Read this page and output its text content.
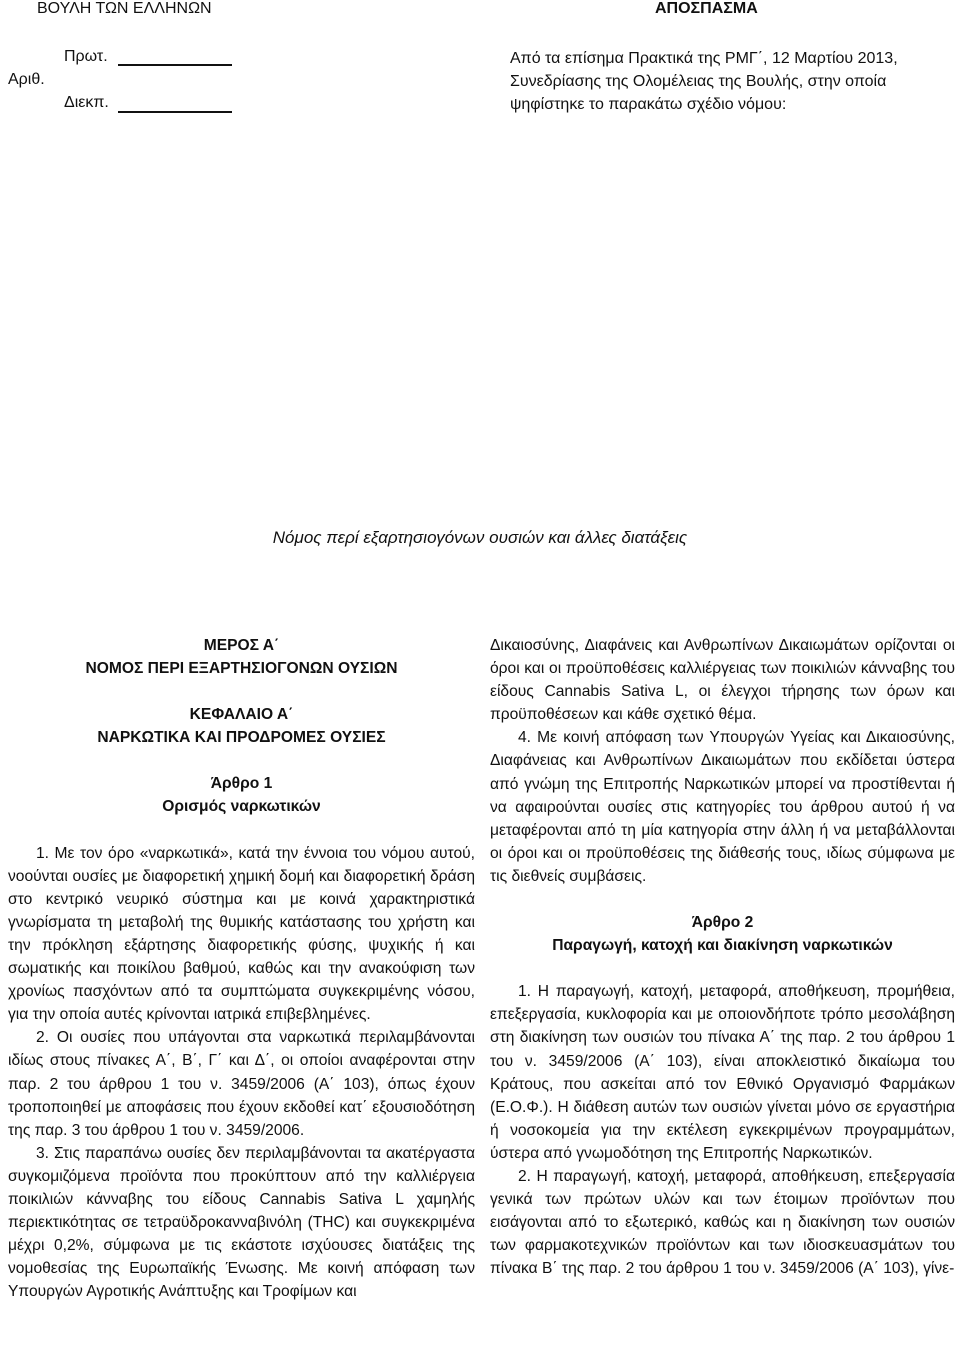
ΒΟΥΛΗ ΤΩΝ ΕΛΛΗΝΩΝ	ΑΠΟΣΠΑΣΜΑ
Πρωτ.
Αριθ.
Διεκπ.
Από τα επίσημα Πρακτικά της ΡΜΓ΄, 12 Μαρτίου 2013,
Συνεδρίασης της Ολομέλειας της Βουλής, στην οποία
ψηφίστηκε το παρακάτω σχέδιο νόμου:
Νόμος περί εξαρτησιογόνων ουσιών και άλλες διατάξεις
ΜΕΡΟΣ Α΄
ΝΟΜΟΣ ΠΕΡΙ ΕΞΑΡΤΗΣΙΟΓΟΝΩΝ ΟΥΣΙΩΝ
ΚΕΦΑΛΑΙΟ Α΄
ΝΑΡΚΩΤΙΚΑ ΚΑΙ ΠΡΟΔΡΟΜΕΣ ΟΥΣΙΕΣ
Άρθρο 1
Ορισμός ναρκωτικών

1. Με τον όρο «ναρκωτικά», κατά την έννοια του νόμου αυτού, νοούνται ουσίες με διαφορετική χημική δομή και διαφορετική δράση στο κεντρικό νευρικό σύστημα και με κοινά χαρακτηριστικά γνωρίσματα τη μεταβολή της θυμικής κατάστασης του χρήστη και την πρόκληση εξάρτησης διαφορετικής φύσης, ψυχικής ή και σωματικής και ποικίλου βαθμού, καθώς και την ανακούφιση των χρονίως πασχόντων από τα συμπτώματα συγκεκριμένης νόσου, για την οποία αυτές κρίνονται ιατρικά επιβεβλημένες.

2. Οι ουσίες που υπάγονται στα ναρκωτικά περιλαμβάνονται ιδίως στους πίνακες Α΄, Β΄, Γ΄ και Δ΄, οι οποίοι αναφέρονται στην παρ. 2 του άρθρου 1 του ν. 3459/2006 (Α΄ 103), όπως έχουν τροποποιηθεί με αποφάσεις που έχουν εκδοθεί κατ΄ εξουσιοδότηση της παρ. 3 του άρθρου 1 του ν. 3459/2006.

3. Στις παραπάνω ουσίες δεν περιλαμβάνονται τα ακατέργαστα συγκομιζόμενα προϊόντα που προκύπτουν από την καλλιέργεια ποικιλιών κάνναβης του είδους Cannabis Sativa L χαμηλής περιεκτικότητας σε τετραϋδροκανναβινόλη (THC) και συγκεκριμένα μέχρι 0,2%, σύμφωνα με τις εκάστοτε ισχύουσες διατάξεις της νομοθεσίας της Ευρωπαϊκής Ένωσης. Με κοινή απόφαση των Υπουργών Αγροτικής Ανάπτυξης και Τροφίμων και

Δικαιοσύνης, Διαφάνεις και Ανθρωπίνων Δικαιωμάτων ορίζονται οι όροι και οι προϋποθέσεις καλλιέργειας των ποικιλιών κάνναβης του είδους Cannabis Sativa L, οι έλεγχοι τήρησης των όρων και προϋποθέσεων και κάθε σχετικό θέμα.

4. Με κοινή απόφαση των Υπουργών Υγείας και Δικαιοσύνης, Διαφάνειας και Ανθρωπίνων Δικαιωμάτων που εκδίδεται ύστερα από γνώμη της Επιτροπής Ναρκωτικών μπορεί να προστίθενται ή να αφαιρούνται ουσίες στις κατηγορίες του άρθρου αυτού ή να μεταφέρονται από τη μία κατηγορία στην άλλη ή να μεταβάλλονται οι όροι και οι προϋποθέσεις της διάθεσής τους, ιδίως σύμφωνα με τις διεθνείς συμβάσεις.

Άρθρο 2
Παραγωγή, κατοχή και διακίνηση ναρκωτικών

1. Η παραγωγή, κατοχή, μεταφορά, αποθήκευση, προμήθεια, επεξεργασία, κυκλοφορία και με οποιονδήποτε τρόπο μεσολάβηση στη διακίνηση των ουσιών του πίνακα Α΄ της παρ. 2 του άρθρου 1 του ν. 3459/2006 (Α΄ 103), είναι αποκλειστικό δικαίωμα του Κράτους, που ασκείται από τον Εθνικό Οργανισμό Φαρμάκων (Ε.Ο.Φ.). Η διάθεση αυτών των ουσιών γίνεται μόνο σε εργαστήρια ή νοσοκομεία για την εκτέλεση εγκεκριμένων προγραμμάτων, ύστερα από γνωμοδότηση της Επιτροπής Ναρκωτικών.

2. Η παραγωγή, κατοχή, μεταφορά, αποθήκευση, επεξεργασία γενικά των πρώτων υλών και των έτοιμων προϊόντων που εισάγονται από το εξωτερικό, καθώς και η διακίνηση των ουσιών των φαρμακοτεχνικών προϊόντων και των ιδιοσκευασμάτων του πίνακα Β΄ της παρ. 2 του άρθρου 1 του ν. 3459/2006 (Α΄ 103), γίνε-
